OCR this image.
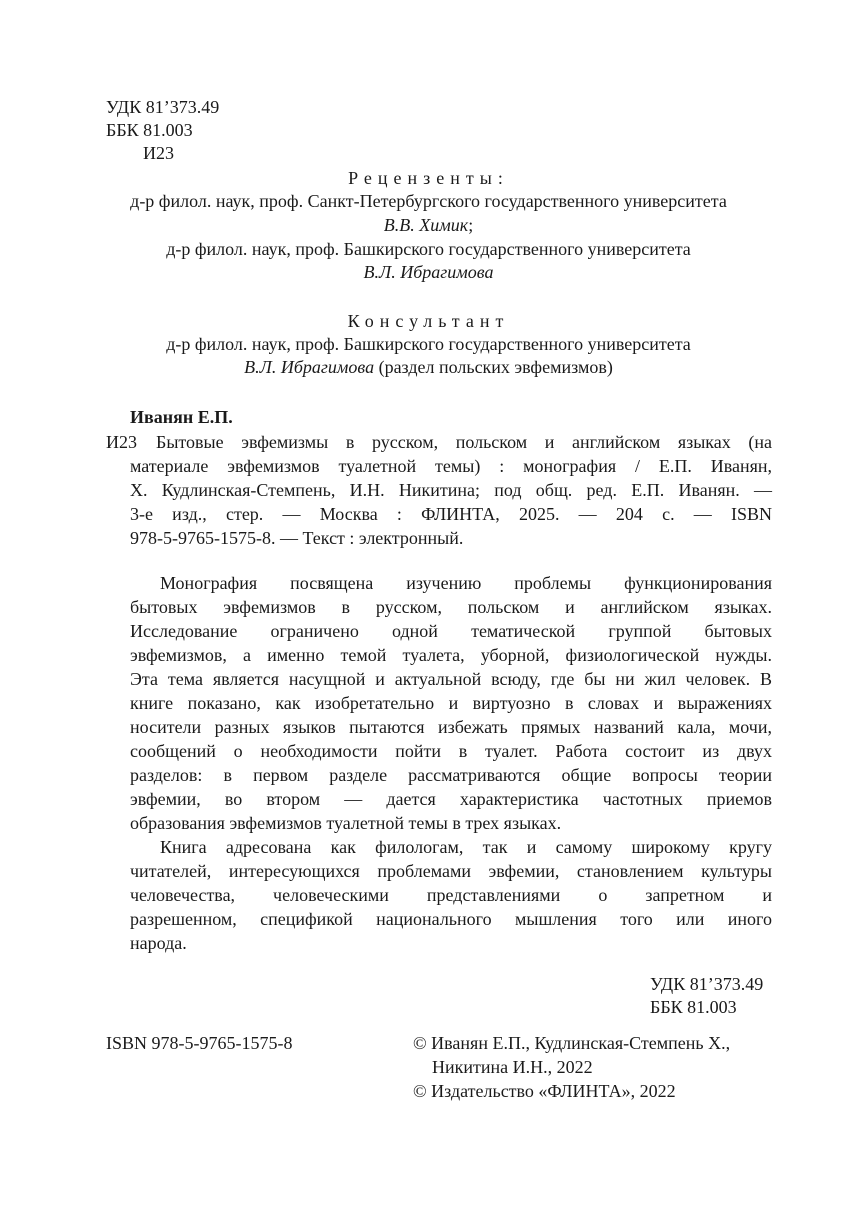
УДК 81’373.49
ББК 81.003
И23
Рецензенты:
д-р филол. наук, проф. Санкт-Петербургского государственного университета
В.В. Химик;
д-р филол. наук, проф. Башкирского государственного университета
В.Л. Ибрагимова
Консультант
д-р филол. наук, проф. Башкирского государственного университета
В.Л. Ибрагимова (раздел польских эвфемизмов)
Иванян Е.П.
И23 Бытовые эвфемизмы в русском, польском и английском языках (на
материале эвфемизмов туалетной темы) : монография / Е.П. Иванян,
Х. Кудлинская-Стемпень, И.Н. Никитина; под общ. ред. Е.П. Иванян. —
3-е изд., стер. — Москва : ФЛИНТА, 2025. — 204 с. — ISBN
978-5-9765-1575-8. — Текст : электронный.
Монография посвящена изучению проблемы функционирования
бытовых эвфемизмов в русском, польском и английском языках.
Исследование ограничено одной тематической группой бытовых
эвфемизмов, а именно темой туалета, уборной, физиологической нужды.
Эта тема является насущной и актуальной всюду, где бы ни жил человек. В
книге показано, как изобретательно и виртуозно в словах и выражениях
носители разных языков пытаются избежать прямых названий кала, мочи,
сообщений о необходимости пойти в туалет. Работа состоит из двух
разделов: в первом разделе рассматриваются общие вопросы теории
эвфемии, во втором — дается характеристика частотных приемов
образования эвфемизмов туалетной темы в трех языках.
Книга адресована как филологам, так и самому широкому кругу
читателей, интересующихся проблемами эвфемии, становлением культуры
человечества, человеческими представлениями о запретном и
разрешенном, спецификой национального мышления того или иного
народа.
УДК 81’373.49
ББК 81.003
ISBN 978-5-9765-1575-8	© Иванян Е.П., Кудлинская-Стемпень Х.,
Никитина И.Н., 2022
© Издательство «ФЛИНТА», 2022
